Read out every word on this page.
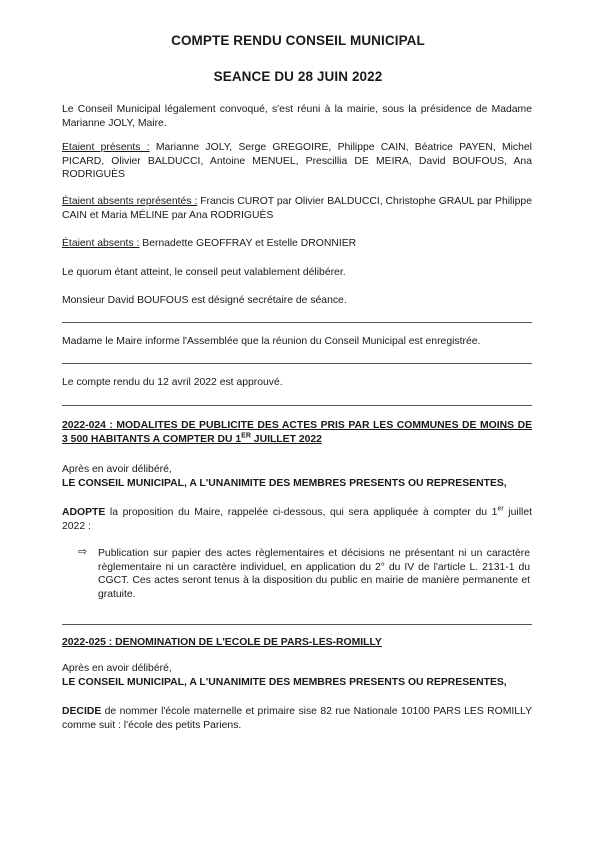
COMPTE RENDU CONSEIL MUNICIPAL
SEANCE DU 28 JUIN 2022
Le Conseil Municipal légalement convoqué, s'est réuni à la mairie, sous la présidence de Madame Marianne JOLY, Maire.
Etaient présents : Marianne JOLY, Serge GREGOIRE, Philippe CAIN, Béatrice PAYEN, Michel PICARD, Olivier BALDUCCI, Antoine MENUEL, Prescillia DE MEIRA, David BOUFOUS, Ana RODRIGUÈS
Étaient absents représentés : Francis CUROT par Olivier BALDUCCI, Christophe GRAUL par Philippe CAIN et Maria MÉLINE par Ana RODRIGUÈS
Étaient absents : Bernadette GEOFFRAY et Estelle DRONNIER
Le quorum étant atteint, le conseil peut valablement délibérer.
Monsieur David BOUFOUS est désigné secrétaire de séance.
Madame le Maire informe l'Assemblée que la réunion du Conseil Municipal est enregistrée.
Le compte rendu du 12 avril 2022 est approuvé.
2022-024 : MODALITES DE PUBLICITE DES ACTES PRIS PAR LES COMMUNES DE MOINS DE 3 500 HABITANTS A COMPTER DU 1ER JUILLET 2022
Après en avoir délibéré,
LE CONSEIL MUNICIPAL, A L'UNANIMITE DES MEMBRES PRESENTS OU REPRESENTES,
ADOPTE la proposition du Maire, rappelée ci-dessous, qui sera appliquée à compter du 1er juillet 2022 :
⇨	Publication sur papier des actes règlementaires et décisions ne présentant ni un caractère règlementaire ni un caractère individuel, en application du 2° du IV de l'article L. 2131-1 du CGCT. Ces actes seront tenus à la disposition du public en mairie de manière permanente et gratuite.
2022-025 : DENOMINATION DE L'ECOLE DE PARS-LES-ROMILLY
Après en avoir délibéré,
LE CONSEIL MUNICIPAL, A L'UNANIMITE DES MEMBRES PRESENTS OU REPRESENTES,
DECIDE de nommer l'école maternelle et primaire sise 82 rue Nationale 10100 PARS LES ROMILLY comme suit : l'école des petits Pariens.
